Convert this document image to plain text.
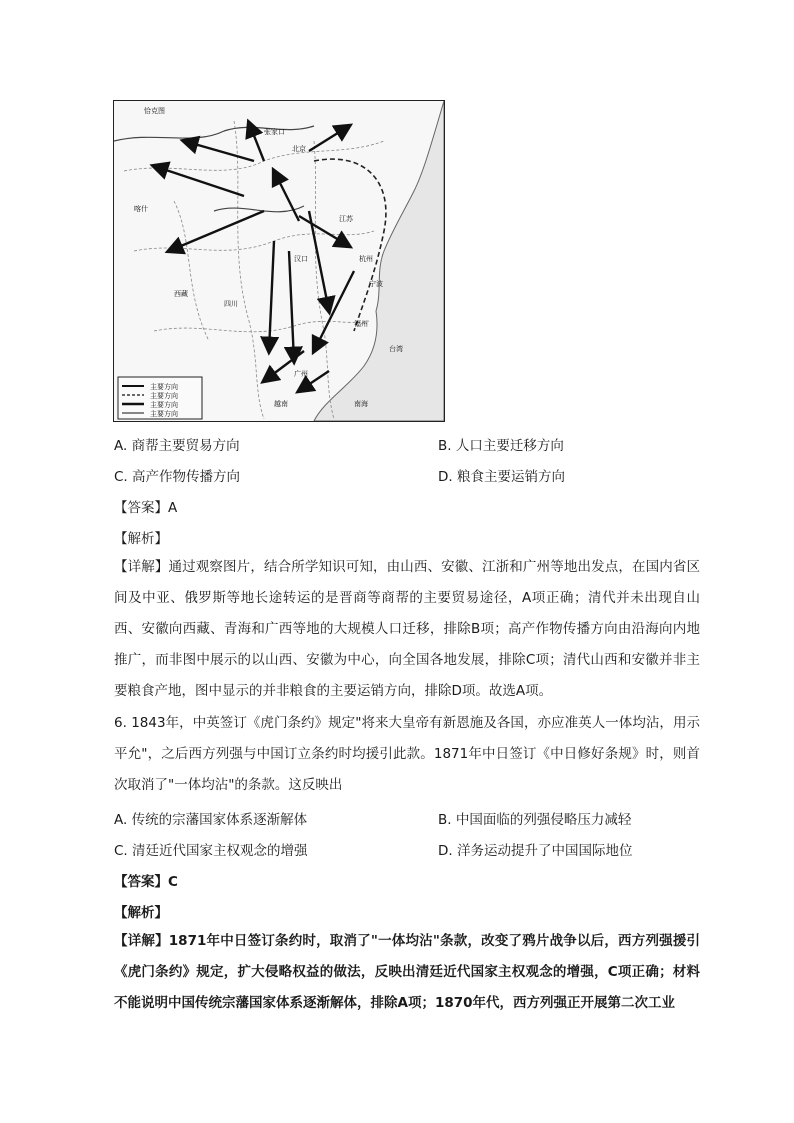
张家口
北京
宁波
福州
广州
汉口	杭州
台湾
西藏
喀什
越南	南海
恰克图
四川
江苏
主要方向
主要方向
主要方向
主要方向
A. 商帮主要贸易方向	B. 人口主要迁移方向
C. 高产作物传播方向	D. 粮食主要运销方向
【答案】A
【解析】

【详解】通过观察图片，结合所学知识可知，由山西、安徽、江浙和广州等地出发点，在国内省区间及中亚、俄罗斯等地长途转运的是晋商等商帮的主要贸易途径，A项正确；清代并未出现自山西、安徽向西藏、青海和广西等地的大规模人口迁移，排除B项；高产作物传播方向由沿海向内地推广，而非图中展示的以山西、安徽为中心，向全国各地发展，排除C项；清代山西和安徽并非主要粮食产地，图中显示的并非粮食的主要运销方向，排除D项。故选A项。

6. 1843年，中英签订《虎门条约》规定"将来大皇帝有新恩施及各国，亦应准英人一体均沾，用示平允"，之后西方列强与中国订立条约时均援引此款。1871年中日签订《中日修好条规》时，则首次取消了"一体均沾"的条款。这反映出

A. 传统的宗藩国家体系逐渐解体	B. 中国面临的列强侵略压力减轻
C. 清廷近代国家主权观念的增强	D. 洋务运动提升了中国国际地位
【答案】C
【解析】

【详解】1871年中日签订条约时，取消了"一体均沾"条款，改变了鸦片战争以后，西方列强援引《虎门条约》规定，扩大侵略权益的做法，反映出清廷近代国家主权观念的增强，C项正确；材料不能说明中国传统宗藩国家体系逐渐解体，排除A项；1870年代，西方列强正开展第二次工业
